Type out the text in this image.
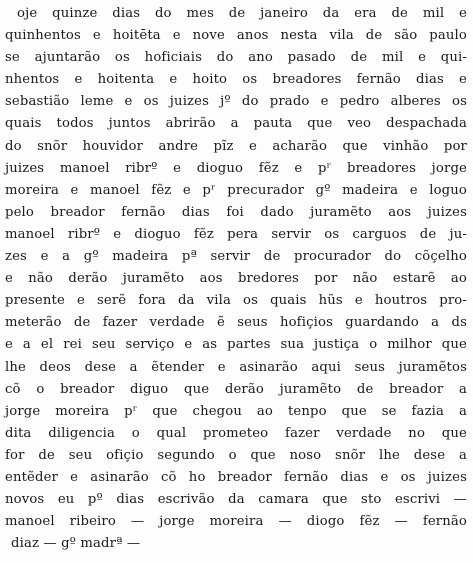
oje quinze dias do mes de janeiro da era de mil e
quinhentos e hoitēta e nove anos nesta vila de são paulo
se ajuntarão os hoficiais do ano pasado de mil e qui-
nhentos e hoitenta e hoito os breadores fernão dias e
sebastião leme e os juizes jº do prado e pedro alberes os
quais todos juntos abrirão a pauta que veo despachada
do snõr houvidor andre pĩz e acharão que vinhão por
juizes manoel ribrº e dioguo fẽz e pʳ breadores jorge
moreira e manoel fẽz e pʳ precurador gº madeira e loguo
pelo breador fernão dias foi dado juramẽto aos juizes
manoel ribrº e dioguo fẽz pera servir os carguos de ju-
zes e a gº madeira pª servir de procurador do cõçelho
e não derão juramẽto aos bredores por não estarẽ ao
presente e serẽ fora da vila os quais hũs e houtros pro-
meterão de fazer verdade ẽ seus hofiçios guardando a ds
e a el rei seu serviço e as partes sua justiça o milhor que
lhe deos dese a ẽtender e asinarão aqui seus juramẽtos
cõ o breador diguo que derão juramẽto de breador a
jorge moreira pʳ que chegou ao tenpo que se fazia a
dita diligencia o qual prometeo fazer verdade no que
for de seu ofiçio segundo o que noso snõr lhe dese a
entẽder e asinarão cõ ho breador fernão dias e os juizes
novos eu pº dias escrivão da camara que sto escrivi —
manoel ribeiro — jorge moreira — diogo fẽz — fernão
diaz — gº madrª —
